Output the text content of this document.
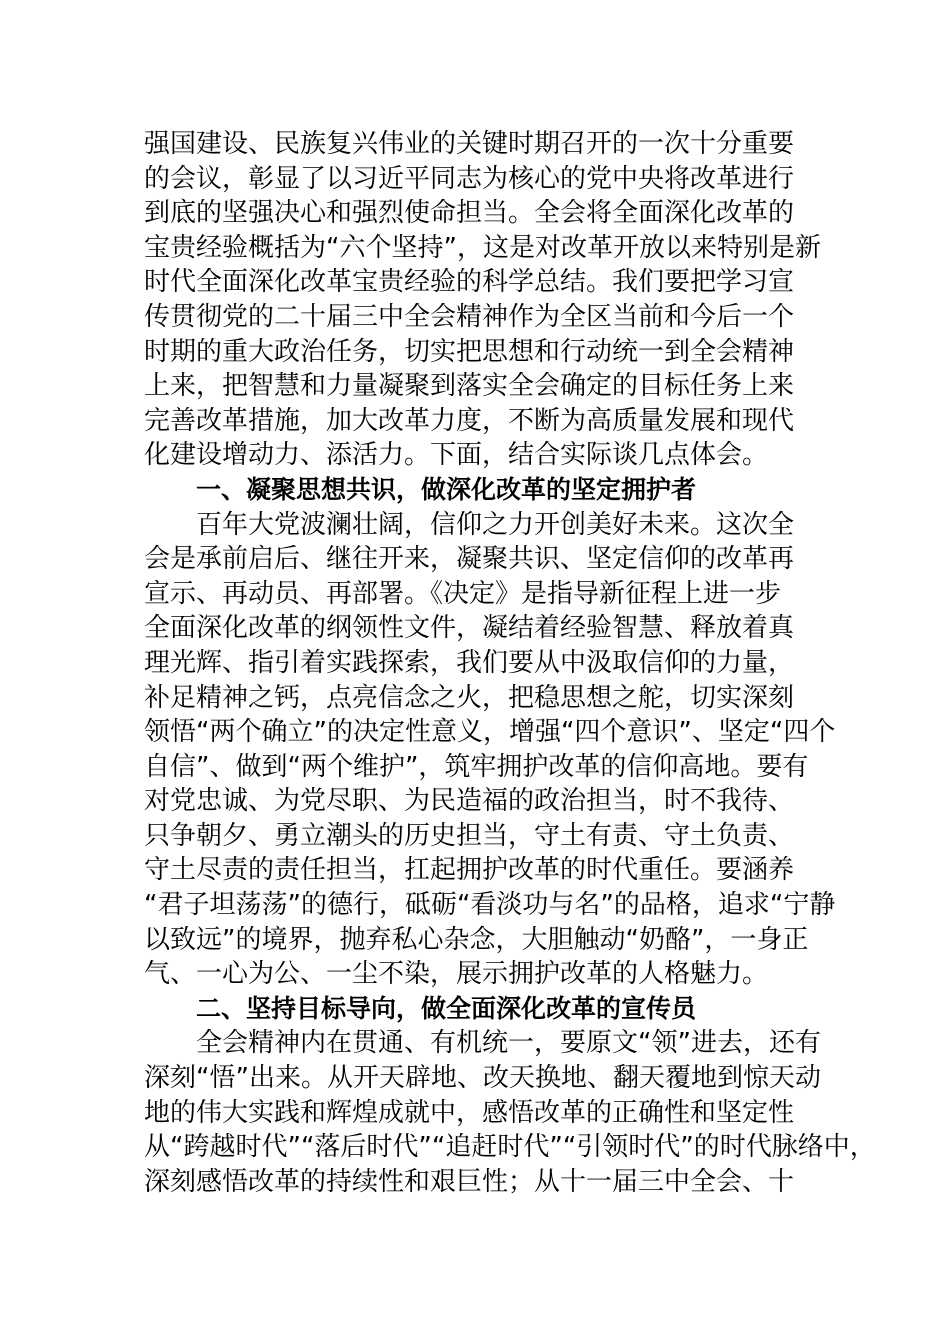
强国建设、民族复兴伟业的关键时期召开的一次十分重要
的会议，彰显了以习近平同志为核心的党中央将改革进行
到底的坚强决心和强烈使命担当。全会将全面深化改革的
宝贵经验概括为“六个坚持”，这是对改革开放以来特别是新
时代全面深化改革宝贵经验的科学总结。我们要把学习宣
传贯彻党的二十届三中全会精神作为全区当前和今后一个
时期的重大政治任务，切实把思想和行动统一到全会精神
上来，把智慧和力量凝聚到落实全会确定的目标任务上来
完善改革措施，加大改革力度，不断为高质量发展和现代
化建设增动力、添活力。下面，结合实际谈几点体会。
一、凝聚思想共识，做深化改革的坚定拥护者
百年大党波澜壮阔，信仰之力开创美好未来。这次全
会是承前启后、继往开来，凝聚共识、坚定信仰的改革再
宣示、再动员、再部署。《决定》是指导新征程上进一步
全面深化改革的纲领性文件，凝结着经验智慧、释放着真
理光辉、指引着实践探索，我们要从中汲取信仰的力量，
补足精神之钙，点亮信念之火，把稳思想之舵，切实深刻
领悟“两个确立”的决定性意义，增强“四个意识”、坚定“四个
自信”、做到“两个维护”，筑牢拥护改革的信仰高地。要有
对党忠诚、为党尽职、为民造福的政治担当，时不我待、
只争朝夕、勇立潮头的历史担当，守土有责、守土负责、
守土尽责的责任担当，扛起拥护改革的时代重任。要涵养
“君子坦荡荡”的德行，砥砺“看淡功与名”的品格，追求“宁静
以致远”的境界，抛弃私心杂念，大胆触动“奶酪”，一身正
气、一心为公、一尘不染，展示拥护改革的人格魅力。
二、坚持目标导向，做全面深化改革的宣传员
全会精神内在贯通、有机统一，要原文“领”进去，还有
深刻“悟”出来。从开天辟地、改天换地、翻天覆地到惊天动
地的伟大实践和辉煌成就中，感悟改革的正确性和坚定性
从“跨越时代”“落后时代”“追赶时代”“引领时代”的时代脉络中，
深刻感悟改革的持续性和艰巨性；从十一届三中全会、十
